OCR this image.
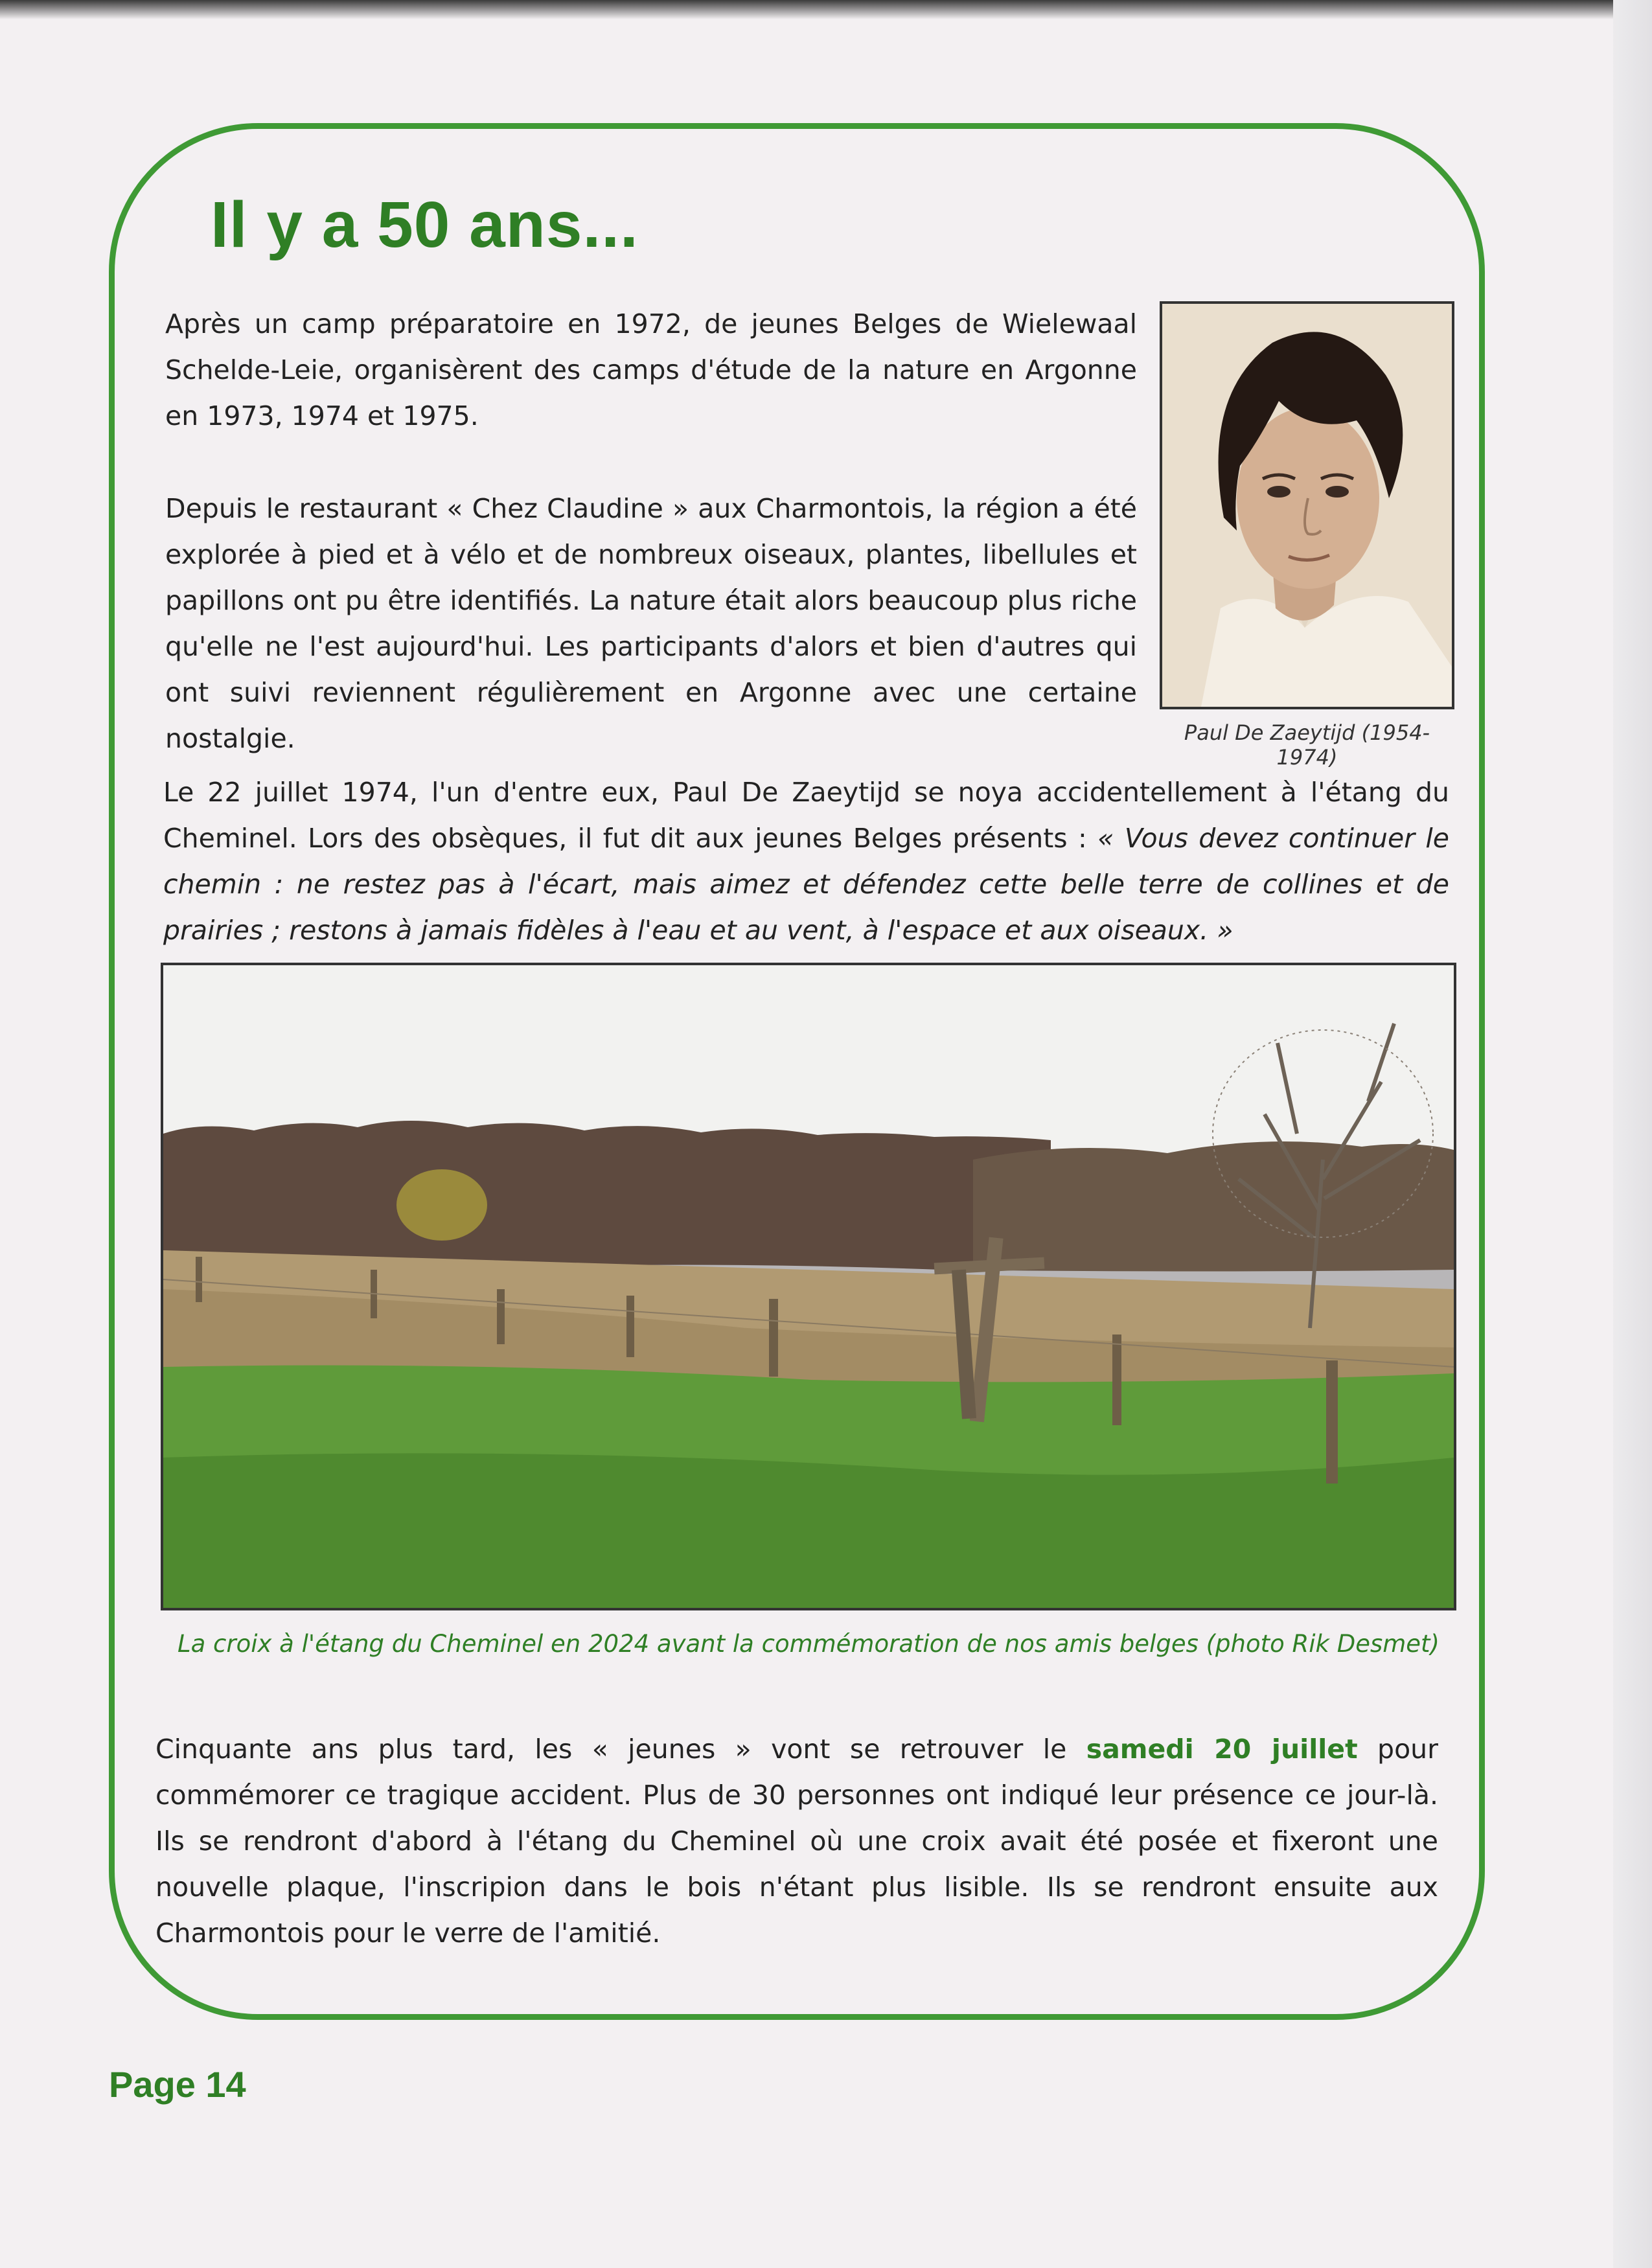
Il y a 50 ans...

Après un camp préparatoire en 1972, de jeunes Belges de Wielewaal Schelde-Leie, organisèrent des camps d'étude de la nature en Argonne en 1973, 1974 et 1975.

Depuis le restaurant « Chez Claudine » aux Charmontois, la région a été explorée à pied et à vélo et de nombreux oiseaux, plantes, libellules et papillons ont pu être identifiés. La nature était alors beaucoup plus riche qu'elle ne l'est aujourd'hui. Les participants d'alors et bien d'autres qui ont suivi reviennent régulièrement en Argonne avec une certaine nostalgie.	Paul De Zaeytijd (1954-1974)

Le 22 juillet 1974, l'un d'entre eux, Paul De Zaeytijd se noya accidentellement à l'étang du Cheminel. Lors des obsèques, il fut dit aux jeunes Belges présents : « Vous devez continuer le chemin : ne restez pas à l'écart, mais aimez et défendez cette belle terre de collines et de prairies ; restons à jamais fidèles à l'eau et au vent, à l'espace et aux oiseaux. »

La croix à l'étang du Cheminel en 2024 avant la commémoration de nos amis belges (photo Rik Desmet)

Cinquante ans plus tard, les « jeunes » vont se retrouver le samedi 20 juillet pour commémorer ce tragique accident. Plus de 30 personnes ont indiqué leur présence ce jour-là. Ils se rendront d'abord à l'étang du Cheminel où une croix avait été posée et fixeront une nouvelle plaque, l'inscripion dans le bois n'étant plus lisible. Ils se rendront ensuite aux Charmontois pour le verre de l'amitié.

Page 14
